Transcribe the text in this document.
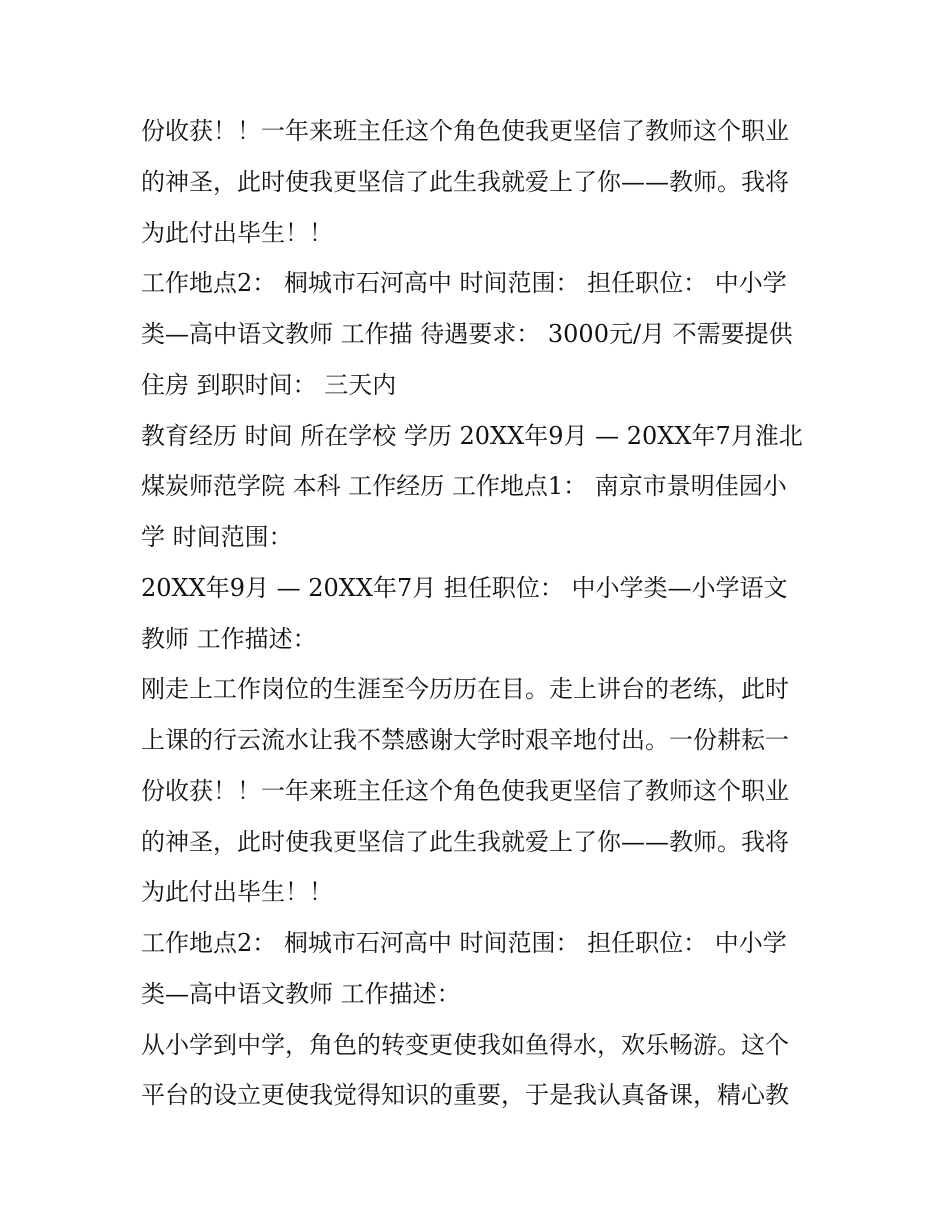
份收获！！一年来班主任这个角色使我更坚信了教师这个职业
的神圣，此时使我更坚信了此生我就爱上了你——教师。我将
为此付出毕生！！
工作地点2： 桐城市石河高中 时间范围： 担任职位： 中小学
类—高中语文教师 工作描 待遇要求： 3000元/月 不需要提供
住房 到职时间： 三天内
教育经历 时间 所在学校 学历 20XX年9月 — 20XX年7月淮北
煤炭师范学院 本科 工作经历 工作地点1： 南京市景明佳园小
学 时间范围：
20XX年9月 — 20XX年7月 担任职位： 中小学类—小学语文
教师 工作描述：
刚走上工作岗位的生涯至今历历在目。走上讲台的老练，此时
上课的行云流水让我不禁感谢大学时艰辛地付出。一份耕耘一
份收获！！一年来班主任这个角色使我更坚信了教师这个职业
的神圣，此时使我更坚信了此生我就爱上了你——教师。我将
为此付出毕生！！
工作地点2： 桐城市石河高中 时间范围： 担任职位： 中小学
类—高中语文教师 工作描述：
从小学到中学，角色的转变更使我如鱼得水，欢乐畅游。这个
平台的设立更使我觉得知识的重要，于是我认真备课，精心教
